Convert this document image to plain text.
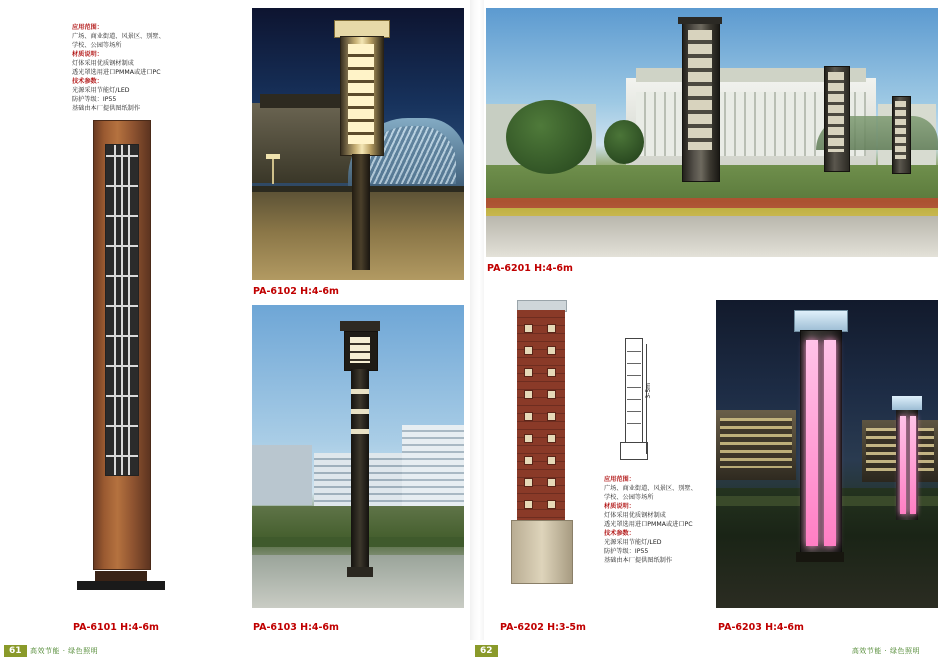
应用范围：
广场、商业街道、风景区、别墅、
学校、公园等场所
材质说明：
灯体采用优质钢材制成
透光罩选用进口PMMA或进口PC
技术参数：
光源采用节能灯/LED
防护等级：IP55
基础由本厂提供图纸制作
PA-6101 H:4-6m
PA-6102 H:4-6m
PA-6103 H:4-6m
PA-6201 H:4-6m
PA-6202 H:3-5m
3-5m
应用范围：
广场、商业街道、风景区、别墅、
学校、公园等场所
材质说明：
灯体采用优质钢材制成
透光罩选用进口PMMA或进口PC
技术参数：
光源采用节能灯/LED
防护等级：IP55
基础由本厂提供图纸制作
PA-6203 H:4-6m
61	高效节能 · 绿色照明	62	高效节能 · 绿色照明
